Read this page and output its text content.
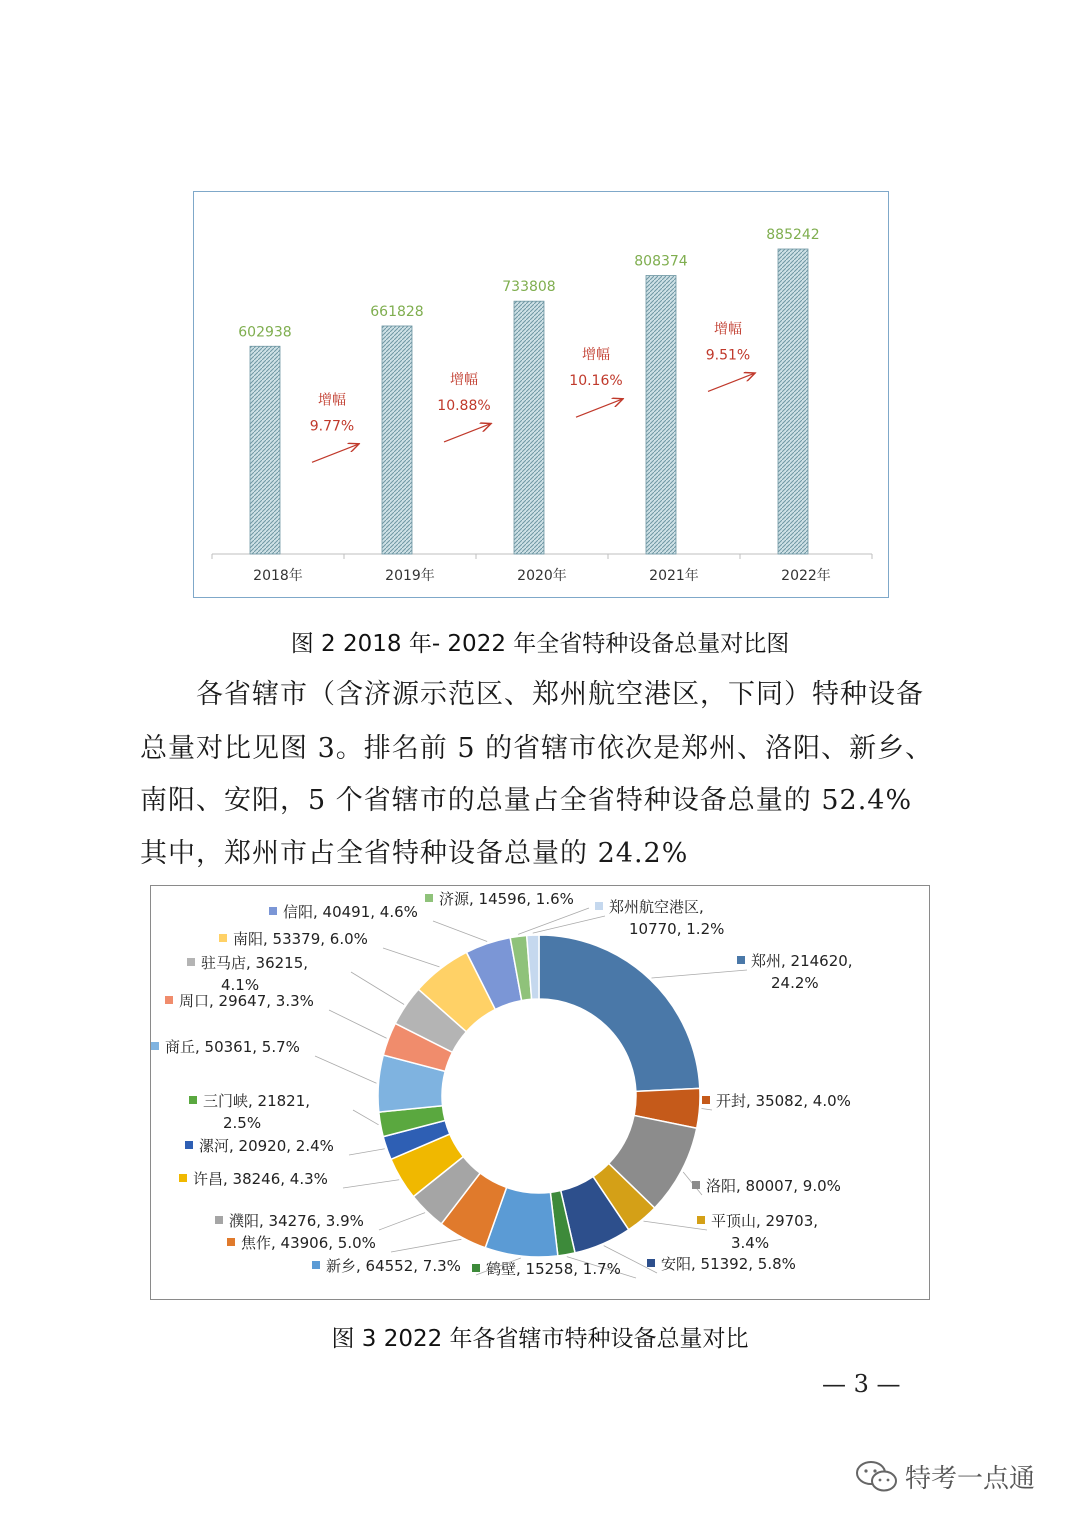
602938
2018年
661828
2019年
733808
2020年
808374
2021年
885242
2022年
增幅
9.77%
增幅
10.88%
增幅
10.16%
增幅
9.51%
图 2 2018 年- 2022 年全省特种设备总量对比图
各省辖市（含济源示范区、郑州航空港区，下同）特种设备
总量对比见图 3。排名前 5 的省辖市依次是郑州、洛阳、新乡、
南阳、安阳，5 个省辖市的总量占全省特种设备总量的 52.4%
其中，郑州市占全省特种设备总量的 24.2%
郑州, 214620,
24.2%
开封, 35082, 4.0%
洛阳, 80007, 9.0%
平顶山, 29703,
3.4%
安阳, 51392, 5.8%
鹤壁, 15258, 1.7%
新乡, 64552, 7.3%
焦作, 43906, 5.0%
濮阳, 34276, 3.9%
许昌, 38246, 4.3%
漯河, 20920, 2.4%
三门峡, 21821,
2.5%
商丘, 50361, 5.7%
周口, 29647, 3.3%
驻马店, 36215,
4.1%
南阳, 53379, 6.0%
信阳, 40491, 4.6%
济源, 14596, 1.6% 郑州航空港区,
10770, 1.2%
图 3 2022 年各省辖市特种设备总量对比
— 3 —
特考一点通
